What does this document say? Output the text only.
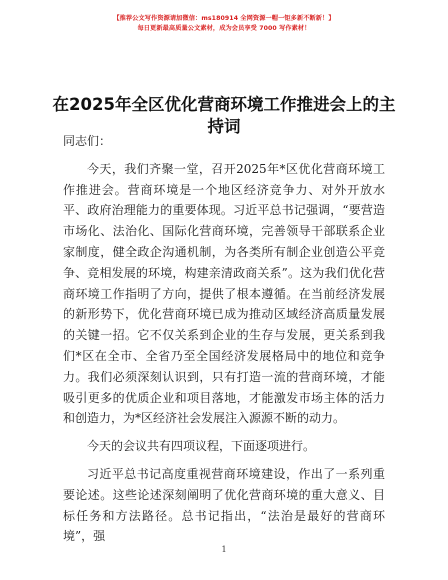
【推荐公文写作资源请加微信：ms180914 全网资源一帽一钜多新不断新！】
每日更新最高质量公文素材，成为会员享受 7000 写作素材！
在2025年全区优化营商环境工作推进会上的主持词

同志们：

今天，我们齐聚一堂，召开2025年*区优化营商环境工作推进会。营商环境是一个地区经济竞争力、对外开放水平、政府治理能力的重要体现。习近平总书记强调，“要营造市场化、法治化、国际化营商环境，完善领导干部联系企业家制度，健全政企沟通机制，为各类所有制企业创造公平竞争、竞相发展的环境，构建亲清政商关系”。这为我们优化营商环境工作指明了方向，提供了根本遵循。在当前经济发展的新形势下，优化营商环境已成为推动区域经济高质量发展的关键一招。它不仅关系到企业的生存与发展，更关系到我们*区在全市、全省乃至全国经济发展格局中的地位和竞争力。我们必须深刻认识到，只有打造一流的营商环境，才能吸引更多的优质企业和项目落地，才能激发市场主体的活力和创造力，为*区经济社会发展注入源源不断的动力。

今天的会议共有四项议程，下面逐项进行。

习近平总书记高度重视营商环境建设，作出了一系列重要论述。这些论述深刻阐明了优化营商环境的重大意义、目标任务和方法路径。总书记指出，“法治是最好的营商环境”，强

1
